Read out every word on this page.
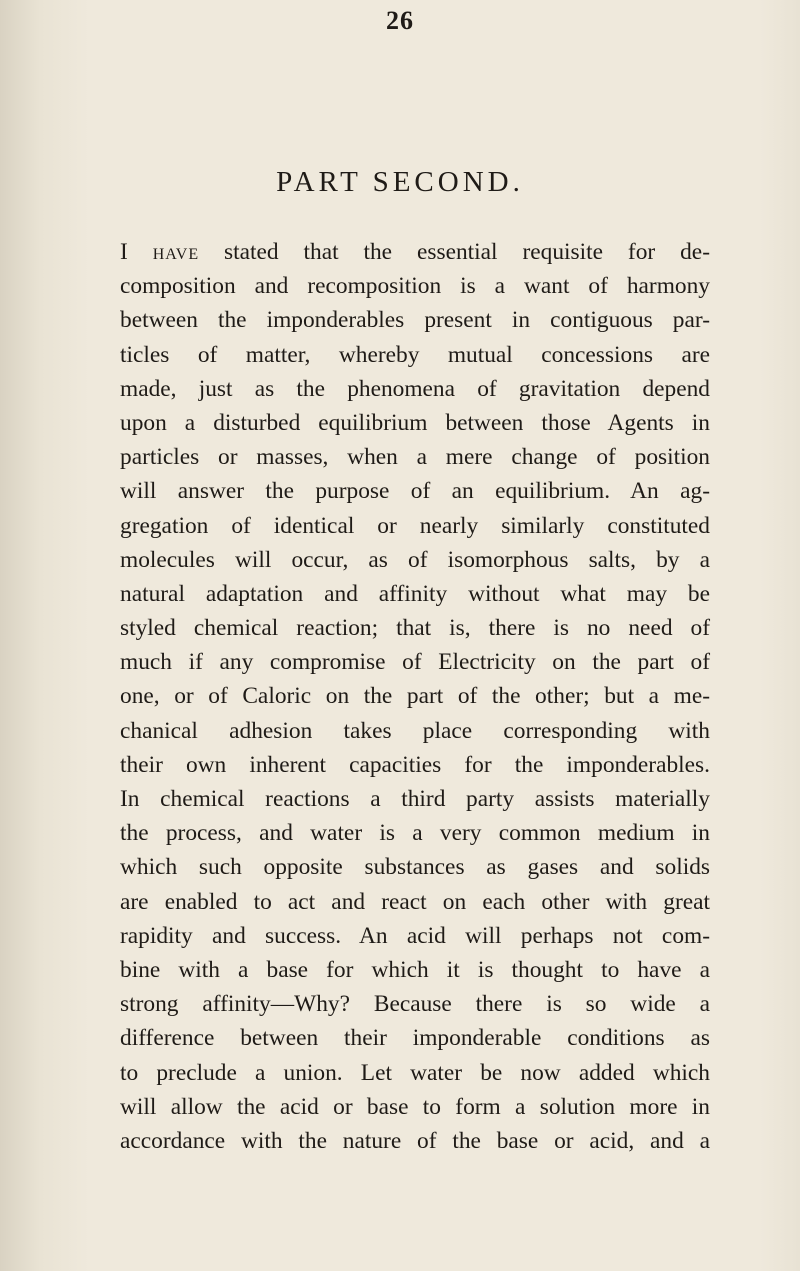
26
PART SECOND.
I have stated that the essential requisite for de-
composition and recomposition is a want of harmony
between the imponderables present in contiguous par-
ticles of matter, whereby mutual concessions are
made, just as the phenomena of gravitation depend
upon a disturbed equilibrium between those Agents in
particles or masses, when a mere change of position
will answer the purpose of an equilibrium. An ag-
gregation of identical or nearly similarly constituted
molecules will occur, as of isomorphous salts, by a
natural adaptation and affinity without what may be
styled chemical reaction; that is, there is no need of
much if any compromise of Electricity on the part of
one, or of Caloric on the part of the other; but a me-
chanical adhesion takes place corresponding with
their own inherent capacities for the imponderables.
In chemical reactions a third party assists materially
the process, and water is a very common medium in
which such opposite substances as gases and solids
are enabled to act and react on each other with great
rapidity and success. An acid will perhaps not com-
bine with a base for which it is thought to have a
strong affinity—Why? Because there is so wide a
difference between their imponderable conditions as
to preclude a union. Let water be now added which
will allow the acid or base to form a solution more in
accordance with the nature of the base or acid, and a
